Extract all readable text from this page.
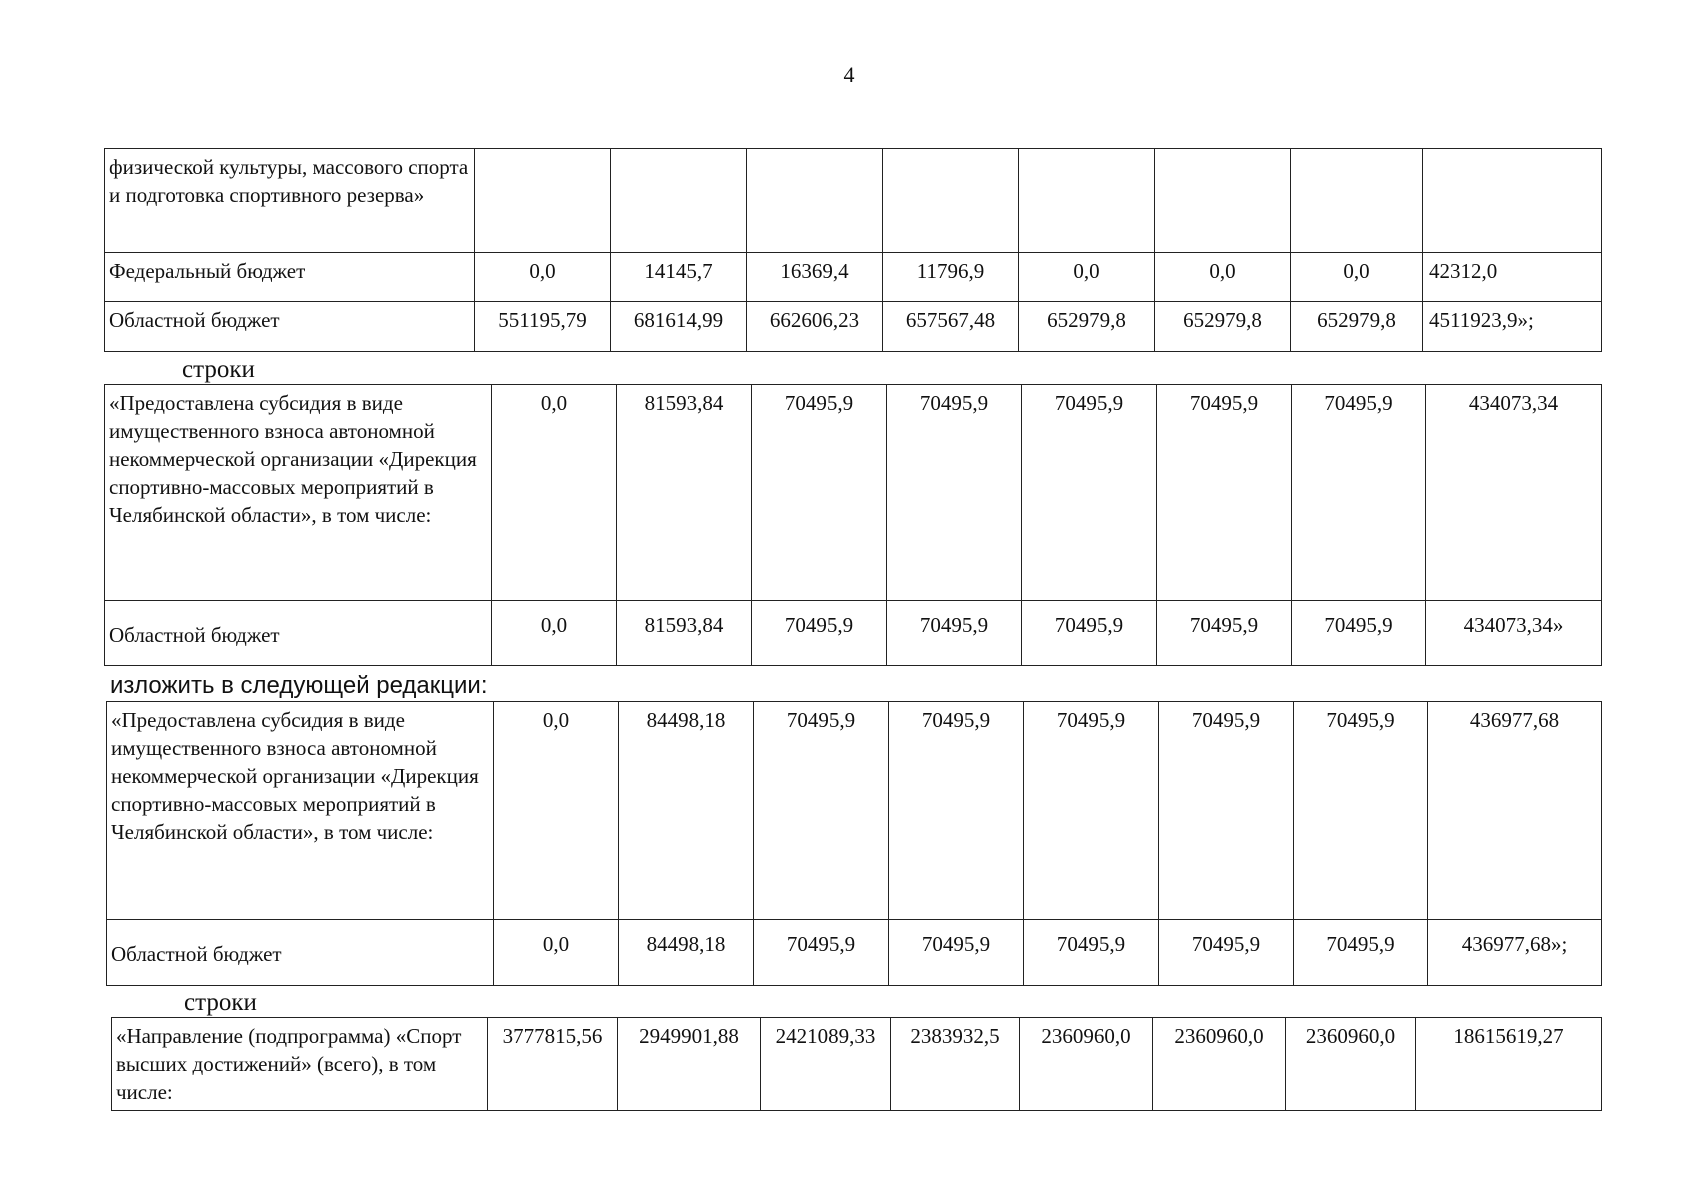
4
физической культуры, массового спорта и подготовка спортивного резерва»								
Федеральный бюджет	0,0	14145,7	16369,4	11796,9	0,0	0,0	0,0	42312,0
Областной бюджет	551195,79	681614,99	662606,23	657567,48	652979,8	652979,8	652979,8	4511923,9»;
строки
«Предоставлена субсидия в виде имущественного взноса автономной некоммерческой организации «Дирекция спортивно-массовых мероприятий в Челябинской области», в том числе:	0,0	81593,84	70495,9	70495,9	70495,9	70495,9	70495,9	434073,34
Областной бюджет	0,0	81593,84	70495,9	70495,9	70495,9	70495,9	70495,9	434073,34»
изложить в следующей редакции:
«Предоставлена субсидия в виде имущественного взноса автономной некоммерческой организации «Дирекция спортивно-массовых мероприятий в Челябинской области», в том числе:	0,0	84498,18	70495,9	70495,9	70495,9	70495,9	70495,9	436977,68
Областной бюджет	0,0	84498,18	70495,9	70495,9	70495,9	70495,9	70495,9	436977,68»;
строки
«Направление (подпрограмма) «Спорт высших достижений» (всего), в том числе:	3777815,56	2949901,88	2421089,33	2383932,5	2360960,0	2360960,0	2360960,0	18615619,27
